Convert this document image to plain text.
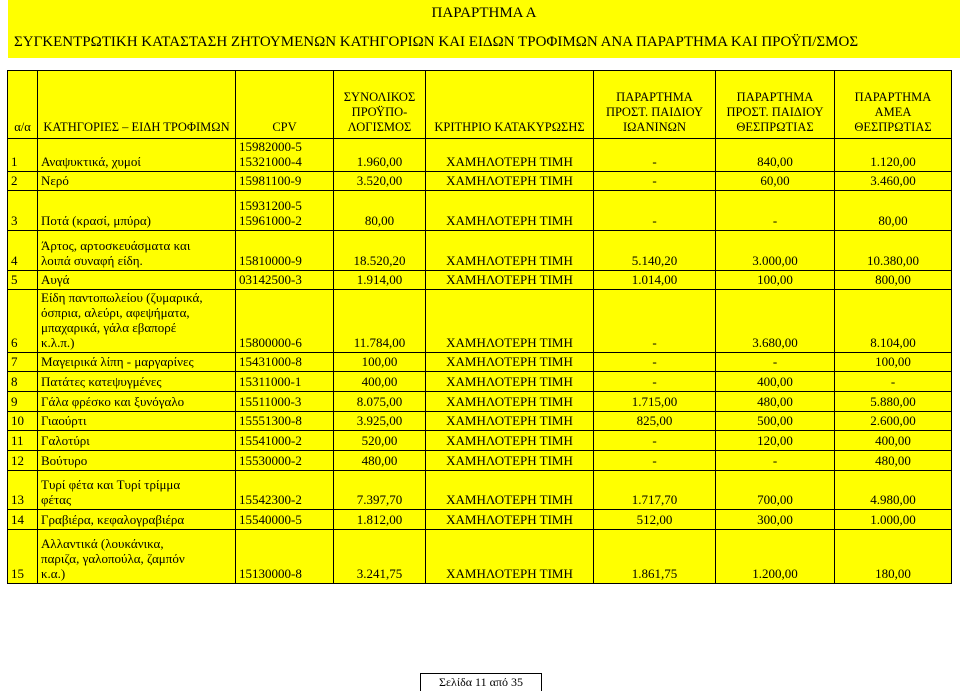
ΠΑΡΑΡΤΗΜΑ Α
ΣΥΓΚΕΝΤΡΩΤΙΚΗ ΚΑΤΑΣΤΑΣΗ ΖΗΤΟΥΜΕΝΩΝ ΚΑΤΗΓΟΡΙΩΝ ΚΑΙ ΕΙΔΩΝ ΤΡΟΦΙΜΩΝ ΑΝΑ ΠΑΡΑΡΤΗΜΑ ΚΑΙ ΠΡΟΫΠ/ΣΜΟΣ
α/α	ΚΑΤΗΓΟΡΙΕΣ – ΕΙΔΗ ΤΡΟΦΙΜΩΝ	CPV	ΣΥΝΟΛΙΚΟΣ ΠΡΟΫΠΟ-ΛΟΓΙΣΜΟΣ	ΚΡΙΤΗΡΙΟ ΚΑΤΑΚΥΡΩΣΗΣ	ΠΑΡΑΡΤΗΜΑ ΠΡΟΣΤ. ΠΑΙΔΙΟΥ ΙΩΑΝΙΝΩΝ	ΠΑΡΑΡΤΗΜΑ ΠΡΟΣΤ. ΠΑΙΔΙΟΥ ΘΕΣΠΡΩΤΙΑΣ	ΠΑΡΑΡΤΗΜΑ ΑΜΕΑ ΘΕΣΠΡΩΤΙΑΣ
1	Αναψυκτικά, χυμοί	15982000-5
15321000-4	1.960,00	ΧΑΜΗΛΟΤΕΡΗ ΤΙΜΗ	-	840,00	1.120,00
2	Νερό	15981100-9	3.520,00	ΧΑΜΗΛΟΤΕΡΗ ΤΙΜΗ	-	60,00	3.460,00
3	Ποτά (κρασί, μπύρα)	15931200-5
15961000-2	80,00	ΧΑΜΗΛΟΤΕΡΗ ΤΙΜΗ	-	-	80,00
4	Άρτος, αρτοσκευάσματα και
λοιπά συναφή είδη.	15810000-9	18.520,20	ΧΑΜΗΛΟΤΕΡΗ ΤΙΜΗ	5.140,20	3.000,00	10.380,00
5	Αυγά	03142500-3	1.914,00	ΧΑΜΗΛΟΤΕΡΗ ΤΙΜΗ	1.014,00	100,00	800,00
6	Είδη παντοπωλείου (ζυμαρικά,
όσπρια, αλεύρι, αφεψήματα,
μπαχαρικά, γάλα εβαπορέ
κ.λ.π.)	15800000-6	11.784,00	ΧΑΜΗΛΟΤΕΡΗ ΤΙΜΗ	-	3.680,00	8.104,00
7	Μαγειρικά λίπη - μαργαρίνες	15431000-8	100,00	ΧΑΜΗΛΟΤΕΡΗ ΤΙΜΗ	-	-	100,00
8	Πατάτες κατεψυγμένες	15311000-1	400,00	ΧΑΜΗΛΟΤΕΡΗ ΤΙΜΗ	-	400,00	-
9	Γάλα φρέσκο και ξυνόγαλο	15511000-3	8.075,00	ΧΑΜΗΛΟΤΕΡΗ ΤΙΜΗ	1.715,00	480,00	5.880,00
10	Γιαούρτι	15551300-8	3.925,00	ΧΑΜΗΛΟΤΕΡΗ ΤΙΜΗ	825,00	500,00	2.600,00
11	Γαλοτύρι	15541000-2	520,00	ΧΑΜΗΛΟΤΕΡΗ ΤΙΜΗ	-	120,00	400,00
12	Βούτυρο	15530000-2	480,00	ΧΑΜΗΛΟΤΕΡΗ ΤΙΜΗ	-	-	480,00
13	Τυρί φέτα και Τυρί τρίμμα
φέτας	15542300-2	7.397,70	ΧΑΜΗΛΟΤΕΡΗ ΤΙΜΗ	1.717,70	700,00	4.980,00
14	Γραβιέρα, κεφαλογραβιέρα	15540000-5	1.812,00	ΧΑΜΗΛΟΤΕΡΗ ΤΙΜΗ	512,00	300,00	1.000,00
15	Αλλαντικά (λουκάνικα,
παριζα, γαλοπούλα, ζαμπόν
κ.α.)	15130000-8	3.241,75	ΧΑΜΗΛΟΤΕΡΗ ΤΙΜΗ	1.861,75	1.200,00	180,00
Σελίδα 11 από 35
